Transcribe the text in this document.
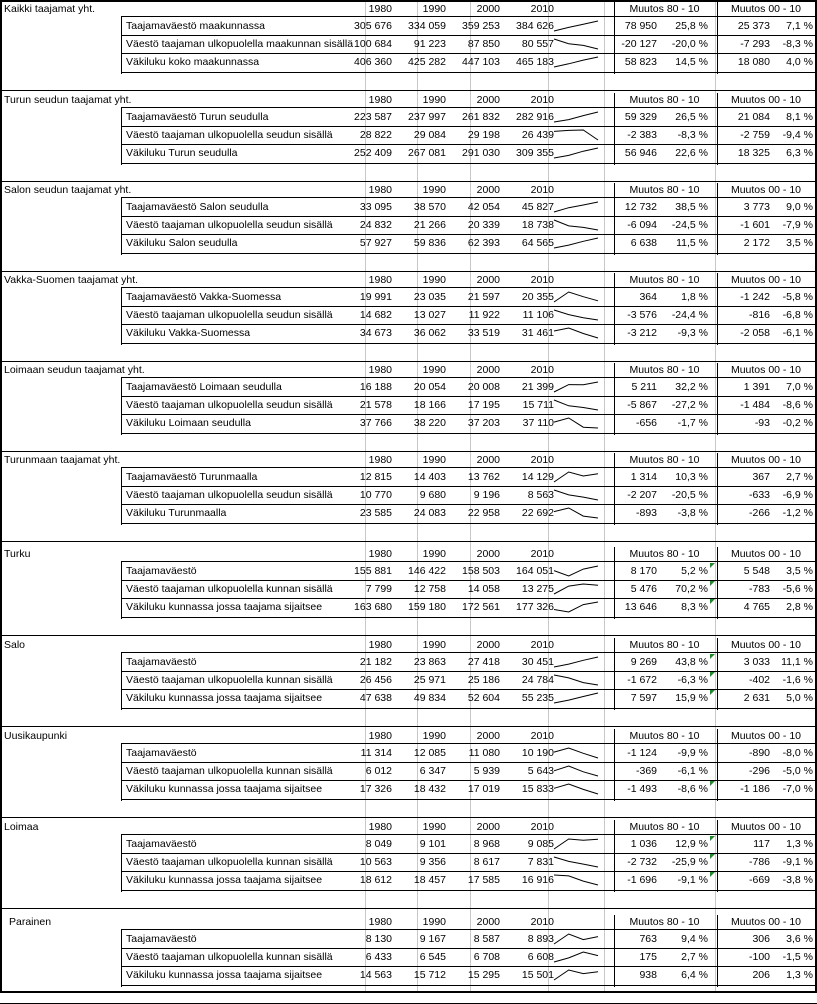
Kaikki taajamat yht.	1980	1990	2000	2010	Muutos 80 - 10	Muutos 00 - 10
Taajamaväestö maakunnassa	305 676	334 059	359 253	384 626	78 950	25,8 %	25 373	7,1 %
Väestö taajaman ulkopuolella maakunnan sisällä 100 684	91 223	87 850	80 557	-20 127	-20,0 %	-7 293	-8,3 %
Väkiluku koko maakunnassa	406 360	425 282	447 103	465 183	58 823	14,5 %	18 080	4,0 %
Turun seudun taajamat yht.	1980	1990	2000	2010	Muutos 80 - 10	Muutos 00 - 10
Taajamaväestö Turun seudulla	223 587	237 997	261 832	282 916	59 329	26,5 %	21 084	8,1 %
Väestö taajaman ulkopuolella seudun sisällä	28 822	29 084	29 198	26 439	-2 383	-8,3 %	-2 759	-9,4 %
Väkiluku Turun seudulla	252 409	267 081	291 030	309 355	56 946	22,6 %	18 325	6,3 %
Salon seudun taajamat yht.	1980	1990	2000	2010	Muutos 80 - 10	Muutos 00 - 10
Taajamaväestö Salon seudulla	33 095	38 570	42 054	45 827	12 732	38,5 %	3 773	9,0 %
Väestö taajaman ulkopuolella seudun sisällä	24 832	21 266	20 339	18 738	-6 094	-24,5 %	-1 601	-7,9 %
Väkiluku Salon seudulla	57 927	59 836	62 393	64 565	6 638	11,5 %	2 172	3,5 %
Vakka-Suomen taajamat yht.	1980	1990	2000	2010	Muutos 80 - 10	Muutos 00 - 10
Taajamaväestö Vakka-Suomessa	19 991	23 035	21 597	20 355	364	1,8 %	-1 242	-5,8 %
Väestö taajaman ulkopuolella seudun sisällä	14 682	13 027	11 922	11 106	-3 576	-24,4 %	-816	-6,8 %
Väkiluku Vakka-Suomessa	34 673	36 062	33 519	31 461	-3 212	-9,3 %	-2 058	-6,1 %
Loimaan seudun taajamat yht.	1980	1990	2000	2010	Muutos 80 - 10	Muutos 00 - 10
Taajamaväestö Loimaan seudulla	16 188	20 054	20 008	21 399	5 211	32,2 %	1 391	7,0 %
Väestö taajaman ulkopuolella seudun sisällä	21 578	18 166	17 195	15 711	-5 867	-27,2 %	-1 484	-8,6 %
Väkiluku Loimaan seudulla	37 766	38 220	37 203	37 110	-656	-1,7 %	-93	-0,2 %
Turunmaan taajamat yht.	1980	1990	2000	2010	Muutos 80 - 10	Muutos 00 - 10
Taajamaväestö Turunmaalla	12 815	14 403	13 762	14 129	1 314	10,3 %	367	2,7 %
Väestö taajaman ulkopuolella seudun sisällä	10 770	9 680	9 196	8 563	-2 207	-20,5 %	-633	-6,9 %
Väkiluku Turunmaalla	23 585	24 083	22 958	22 692	-893	-3,8 %	-266	-1,2 %
Turku	1980	1990	2000	2010	Muutos 80 - 10	Muutos 00 - 10
Taajamaväestö	155 881	146 422	158 503	164 051	8 170	5,2 %	5 548	3,5 %
Väestö taajaman ulkopuolella kunnan sisällä	7 799	12 758	14 058	13 275	5 476	70,2 %	-783	-5,6 %
Väkiluku kunnassa jossa taajama sijaitsee	163 680	159 180	172 561	177 326	13 646	8,3 %	4 765	2,8 %
Salo	1980	1990	2000	2010	Muutos 80 - 10	Muutos 00 - 10
Taajamaväestö	21 182	23 863	27 418	30 451	9 269	43,8 %	3 033	11,1 %
Väestö taajaman ulkopuolella kunnan sisällä	26 456	25 971	25 186	24 784	-1 672	-6,3 %	-402	-1,6 %
Väkiluku kunnassa jossa taajama sijaitsee	47 638	49 834	52 604	55 235	7 597	15,9 %	2 631	5,0 %
Uusikaupunki	1980	1990	2000	2010	Muutos 80 - 10	Muutos 00 - 10
Taajamaväestö	11 314	12 085	11 080	10 190	-1 124	-9,9 %	-890	-8,0 %
Väestö taajaman ulkopuolella kunnan sisällä	6 012	6 347	5 939	5 643	-369	-6,1 %	-296	-5,0 %
Väkiluku kunnassa jossa taajama sijaitsee	17 326	18 432	17 019	15 833	-1 493	-8,6 %	-1 186	-7,0 %
Loimaa	1980	1990	2000	2010	Muutos 80 - 10	Muutos 00 - 10
Taajamaväestö	8 049	9 101	8 968	9 085	1 036	12,9 %	117	1,3 %
Väestö taajaman ulkopuolella kunnan sisällä	10 563	9 356	8 617	7 831	-2 732	-25,9 %	-786	-9,1 %
Väkiluku kunnassa jossa taajama sijaitsee	18 612	18 457	17 585	16 916	-1 696	-9,1 %	-669	-3,8 %
Parainen	1980	1990	2000	2010	Muutos 80 - 10	Muutos 00 - 10
Taajamaväestö	8 130	9 167	8 587	8 893	763	9,4 %	306	3,6 %
Väestö taajaman ulkopuolella kunnan sisällä	6 433	6 545	6 708	6 608	175	2,7 %	-100	-1,5 %
Väkiluku kunnassa jossa taajama sijaitsee	14 563	15 712	15 295	15 501	938	6,4 %	206	1,3 %
